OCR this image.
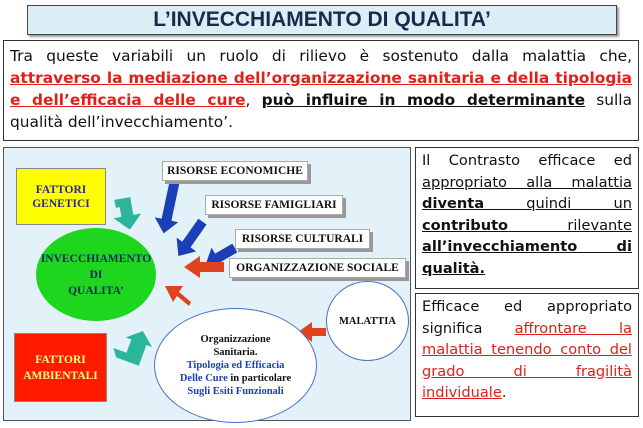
L’INVECCHIAMENTO DI QUALITA’
Tra queste variabili un ruolo di rilievo è sostenuto dalla malattia che, attraverso la mediazione dell’organizzazione sanitaria e della tipologia e dell’efficacia delle cure, può influire in modo determinante sulla qualità dell’invecchiamento’.
FATTORI
GENETICI
RISORSE ECONOMICHE
RISORSE FAMIGLIARI
RISORSE CULTURALI
ORGANIZZAZIONE SOCIALE
INVECCHIAMENTO
DI
QUALITA’
MALATTIA
Organizzazione
Sanitaria.
Tipologia ed Efficacia
Delle Cure in particolare
Sugli Esiti Funzionali
FATTORI
AMBIENTALI
Il Contrasto efficace ed appropriato alla malattia diventa quindi un contributo rilevante all’invecchiamento di qualità.
Efficace ed appropriato significa affrontare la malattia tenendo conto del grado di fragilità individuale.
